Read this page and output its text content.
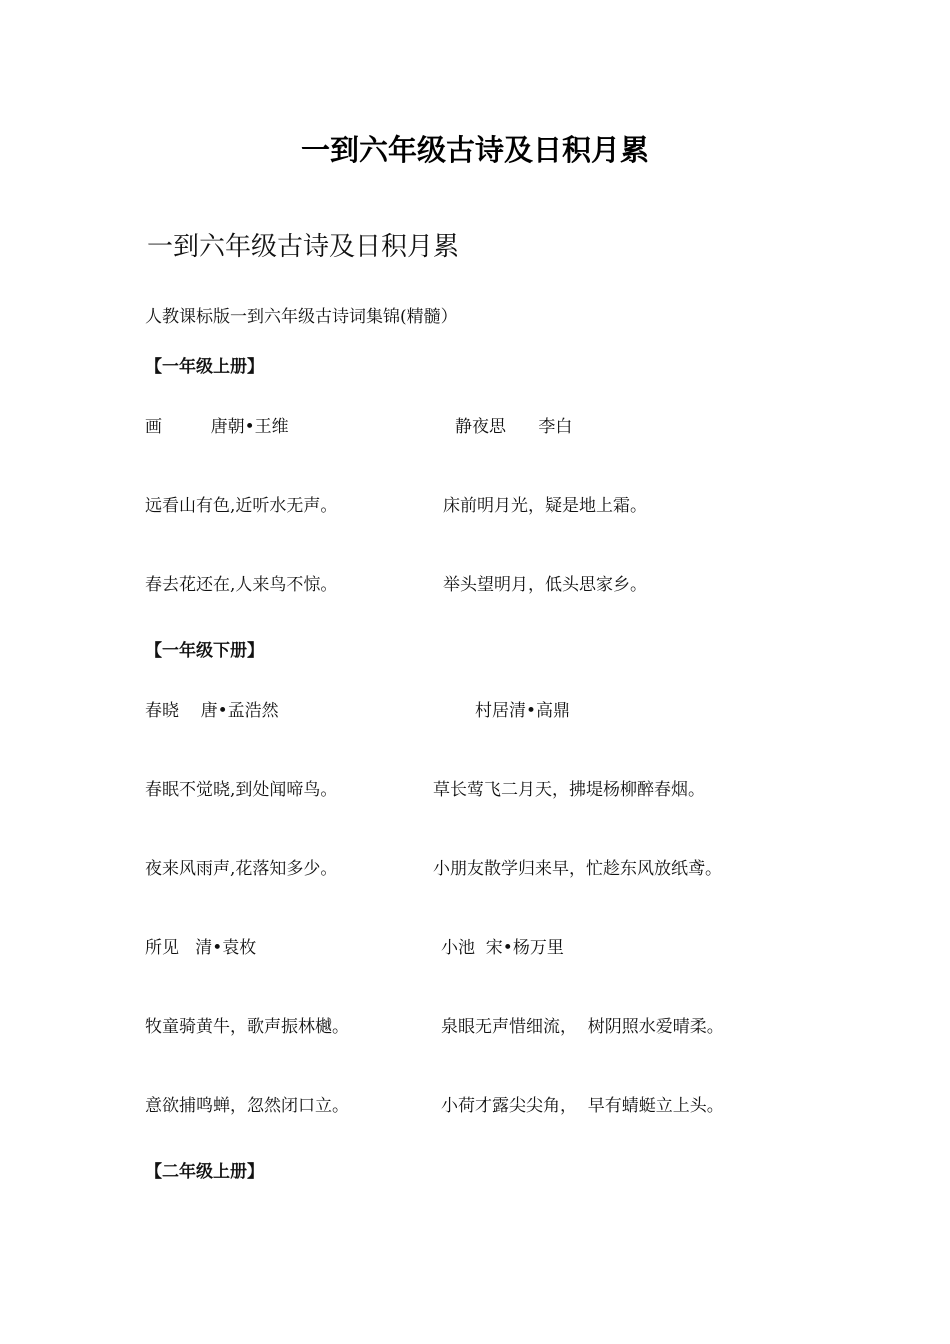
一到六年级古诗及日积月累
一到六年级古诗及日积月累
人教课标版一到六年级古诗词集锦(精髓）
【一年级上册】
画         唐朝•王维	静夜思      李白
远看山有色,近听水无声。	床前明月光，疑是地上霜。
春去花还在,人来鸟不惊。	举头望明月，低头思家乡。
【一年级下册】
春晓    唐•孟浩然	村居清•高鼎
春眠不觉晓,到处闻啼鸟。	草长莺飞二月天，拂堤杨柳醉春烟。
夜来风雨声,花落知多少。	小朋友散学归来早，忙趁东风放纸鸢。
所见   清•袁枚	小池  宋•杨万里
牧童骑黄牛，歌声振林樾。	泉眼无声惜细流，  树阴照水爱晴柔。
意欲捕鸣蝉，忽然闭口立。	小荷才露尖尖角，  早有蜻蜓立上头。
【二年级上册】
